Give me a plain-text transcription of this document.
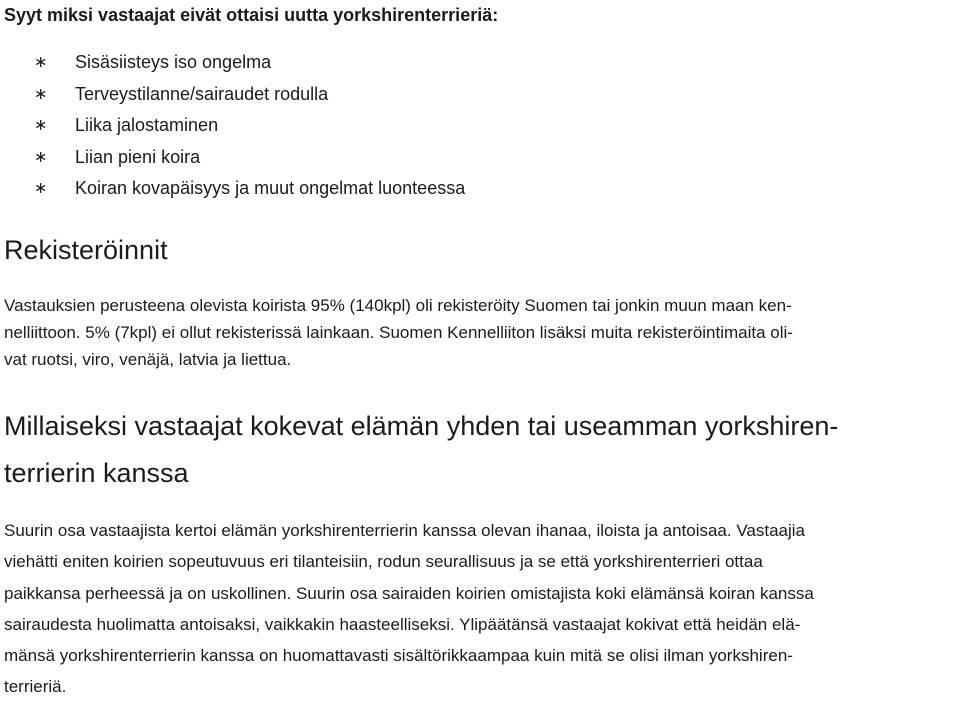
Syyt miksi vastaajat eivät ottaisi uutta yorkshirenterrieriä:
∗ Sisäsiisteys iso ongelma
∗ Terveystilanne/sairaudet rodulla
∗ Liika jalostaminen
∗ Liian pieni koira
∗ Koiran kovapäisyys ja muut ongelmat luonteessa
Rekisteröinnit

Vastauksien perusteena olevista koirista 95% (140kpl) oli rekisteröity Suomen tai jonkin muun maan ken-
nelliittoon. 5% (7kpl) ei ollut rekisterissä lainkaan. Suomen Kennelliiton lisäksi muita rekisteröintimaita oli-
vat ruotsi, viro, venäjä, latvia ja liettua.

Millaiseksi vastaajat kokevat elämän yhden tai useamman yorkshiren-
terrierin kanssa

Suurin osa vastaajista kertoi elämän yorkshirenterrierin kanssa olevan ihanaa, iloista ja antoisaa. Vastaajia
viehätti eniten koirien sopeutuvuus eri tilanteisiin, rodun seurallisuus ja se että yorkshirenterrieri ottaa
paikkansa perheessä ja on uskollinen. Suurin osa sairaiden koirien omistajista koki elämänsä koiran kanssa
sairaudesta huolimatta antoisaksi, vaikkakin haasteelliseksi. Ylipäätänsä vastaajat kokivat että heidän elä-
mänsä yorkshirenterrierin kanssa on huomattavasti sisältörikkaampaa kuin mitä se olisi ilman yorkshiren-
terrieriä.
